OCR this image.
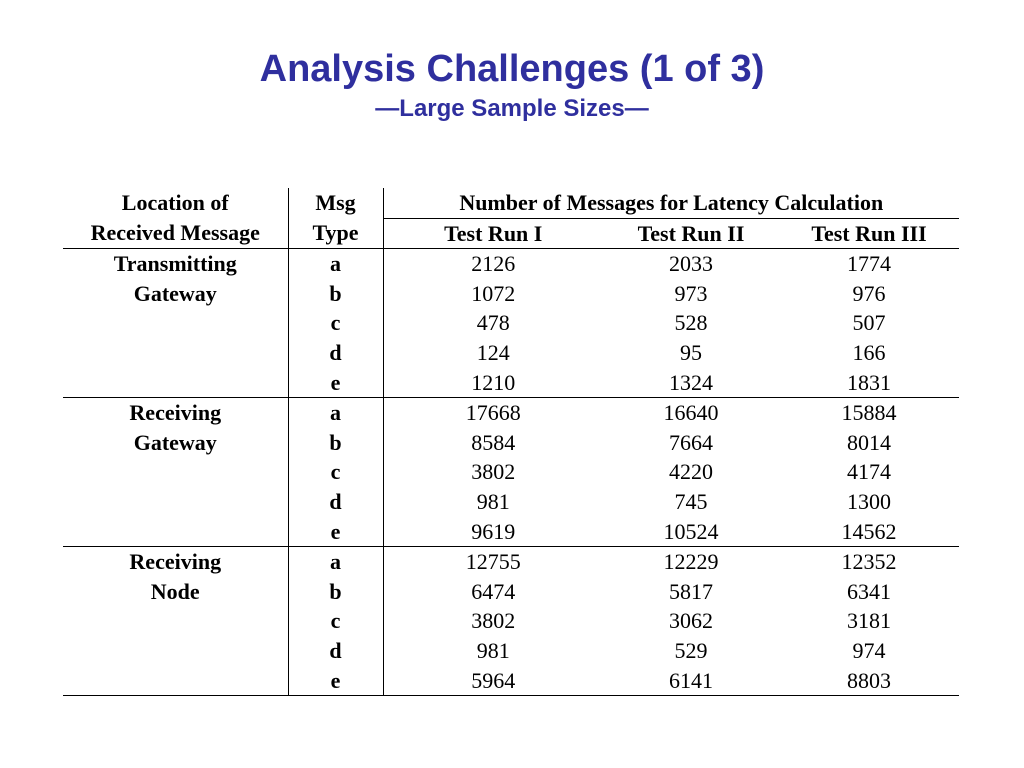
Analysis Challenges (1 of 3)
—Large Sample Sizes—
Location of	Msg	Number of Messages for Latency Calculation		
Received Message	Type	Test Run I	Test Run II	Test Run III
Transmitting	a	2126	2033	1774
Gateway	b	1072	973	976
	c	478	528	507
	d	124	95	166
	e	1210	1324	1831
Receiving	a	17668	16640	15884
Gateway	b	8584	7664	8014
	c	3802	4220	4174
	d	981	745	1300
	e	9619	10524	14562
Receiving	a	12755	12229	12352
Node	b	6474	5817	6341
	c	3802	3062	3181
	d	981	529	974
	e	5964	6141	8803
